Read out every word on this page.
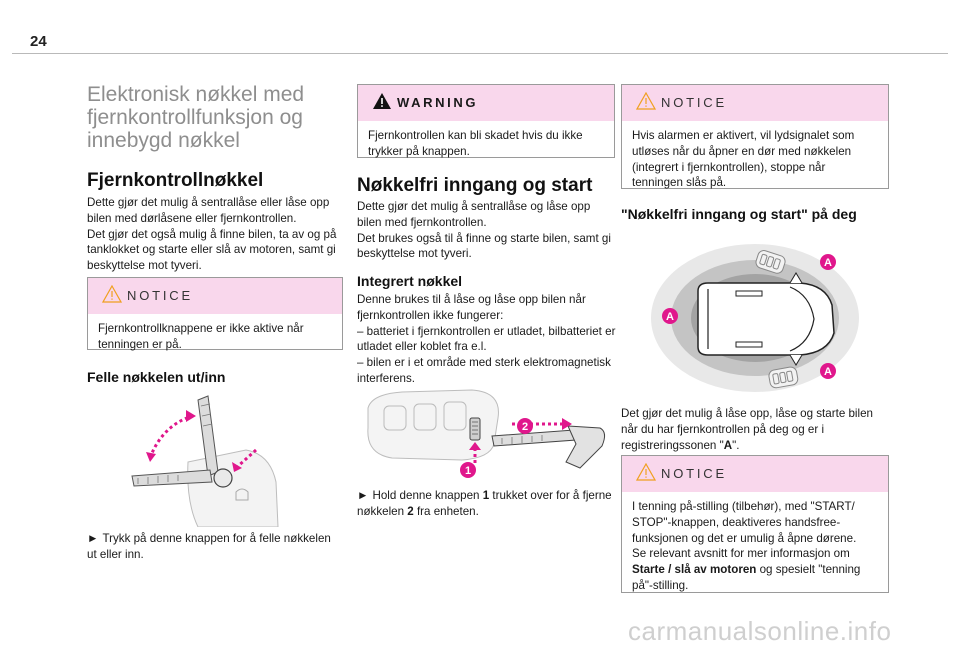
24
Elektronisk nøkkel med fjernkontrollfunksjon og innebygd nøkkel
Fjernkontrollnøkkel

Dette gjør det mulig å sentrallåse eller låse opp bilen med dørlåsene eller fjernkontrollen.

Det gjør det også mulig å finne bilen, ta av og på tanklokket og starte eller slå av motoren, samt gi beskyttelse mot tyveri.

NOTICE
Fjernkontrollknappene er ikke aktive når tenningen er på.
Felle nøkkelen ut/inn
► Trykk på denne knappen for å felle nøkkelen ut eller inn.
WARNING
Fjernkontrollen kan bli skadet hvis du ikke trykker på knappen.
Nøkkelfri inngang og start

Dette gjør det mulig å sentrallåse og låse opp bilen med fjernkontrollen.

Det brukes også til å finne og starte bilen, samt gi beskyttelse mot tyveri.

Integrert nøkkel

Denne brukes til å låse og låse opp bilen når fjernkontrollen ikke fungerer:

– batteriet i fjernkontrollen er utladet, bilbatteriet er utladet eller koblet fra e.l.

– bilen er i et område med sterk elektromagnetisk interferens.

2
1
► Hold denne knappen 1 trukket over for å fjerne nøkkelen 2 fra enheten.
NOTICE
Hvis alarmen er aktivert, vil lydsignalet som utløses når du åpner en dør med nøkkelen (integrert i fjernkontrollen), stoppe når tenningen slås på.
"Nøkkelfri inngang og start" på deg
A
A
A
Det gjør det mulig å låse opp, låse og starte bilen når du har fjernkontrollen på deg og er i registreringssonen "A".
NOTICE

I tenning på-stilling (tilbehør), med "START/ STOP"-knappen, deaktiveres handsfree-funksjonen og det er umulig å åpne dørene.

Se relevant avsnitt for mer informasjon om Starte / slå av motoren og spesielt "tenning på"-stilling.

carmanualsonline.info
